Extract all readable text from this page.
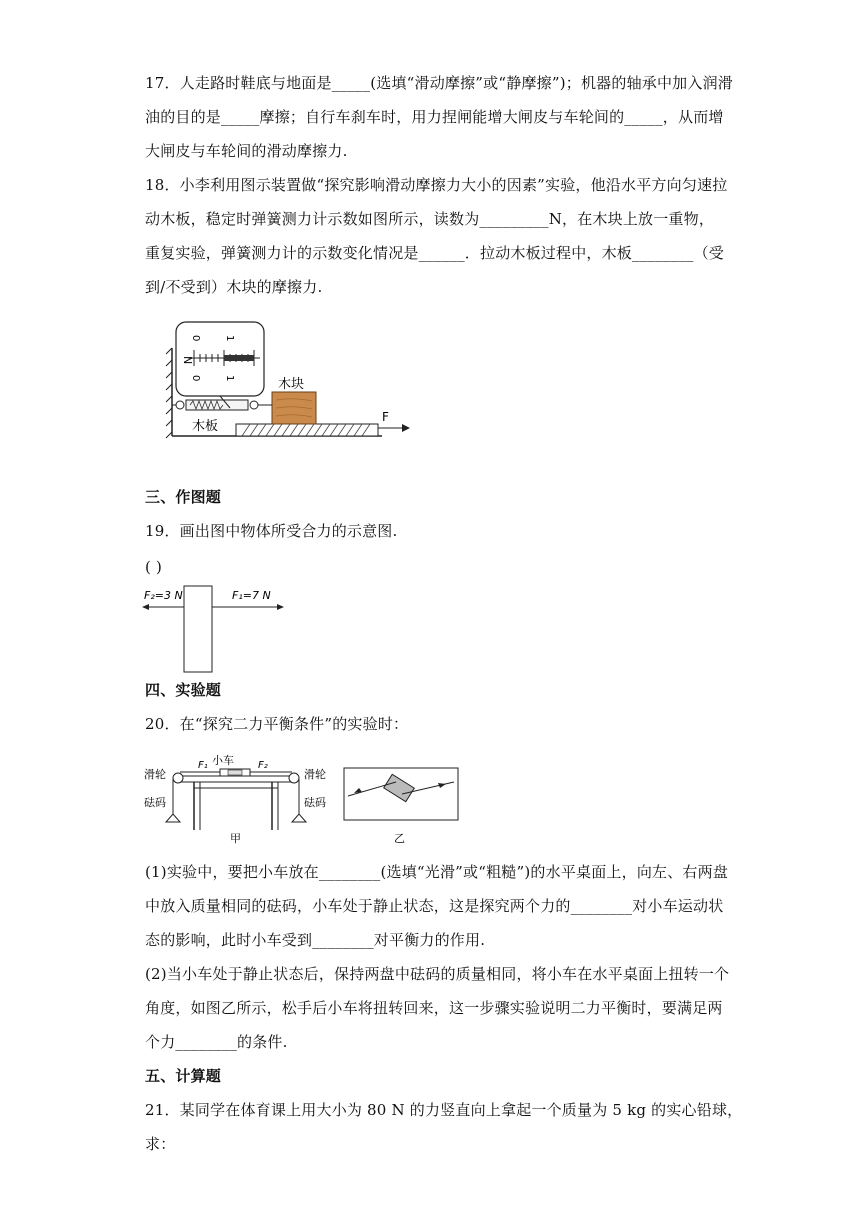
17．人走路时鞋底与地面是_____(选填“滑动摩擦”或“静摩擦”)；机器的轴承中加入润滑
油的目的是_____摩擦；自行车刹车时，用力捏闸能增大闸皮与车轮间的_____，从而增
大闸皮与车轮间的滑动摩擦力.
18．小李利用图示装置做“探究影响滑动摩擦力大小的因素”实验，他沿水平方向匀速拉
动木板，稳定时弹簧测力计示数如图所示，读数为_________N，在木块上放一重物，
重复实验，弹簧测力计的示数变化情况是______．拉动木板过程中，木板________（受
到/不受到）木块的摩擦力.
木板
木块
F
N
0 1
0 1
三、作图题
19．画出图中物体所受合力的示意图.
( )
F₂=3 N	F₁=7 N
四、实验题
20．在“探究二力平衡条件”的实验时：
小车
F₁	F₂
滑轮
砝码
滑轮
砝码
甲	乙
(1)实验中，要把小车放在________(选填“光滑”或“粗糙”)的水平桌面上，向左、右两盘
中放入质量相同的砝码，小车处于静止状态，这是探究两个力的________对小车运动状
态的影响，此时小车受到________对平衡力的作用.
(2)当小车处于静止状态后，保持两盘中砝码的质量相同，将小车在水平桌面上扭转一个
角度，如图乙所示，松手后小车将扭转回来，这一步骤实验说明二力平衡时，要满足两
个力________的条件.
五、计算题
21．某同学在体育课上用大小为 80 N 的力竖直向上拿起一个质量为 5 kg 的实心铅球，
求：
